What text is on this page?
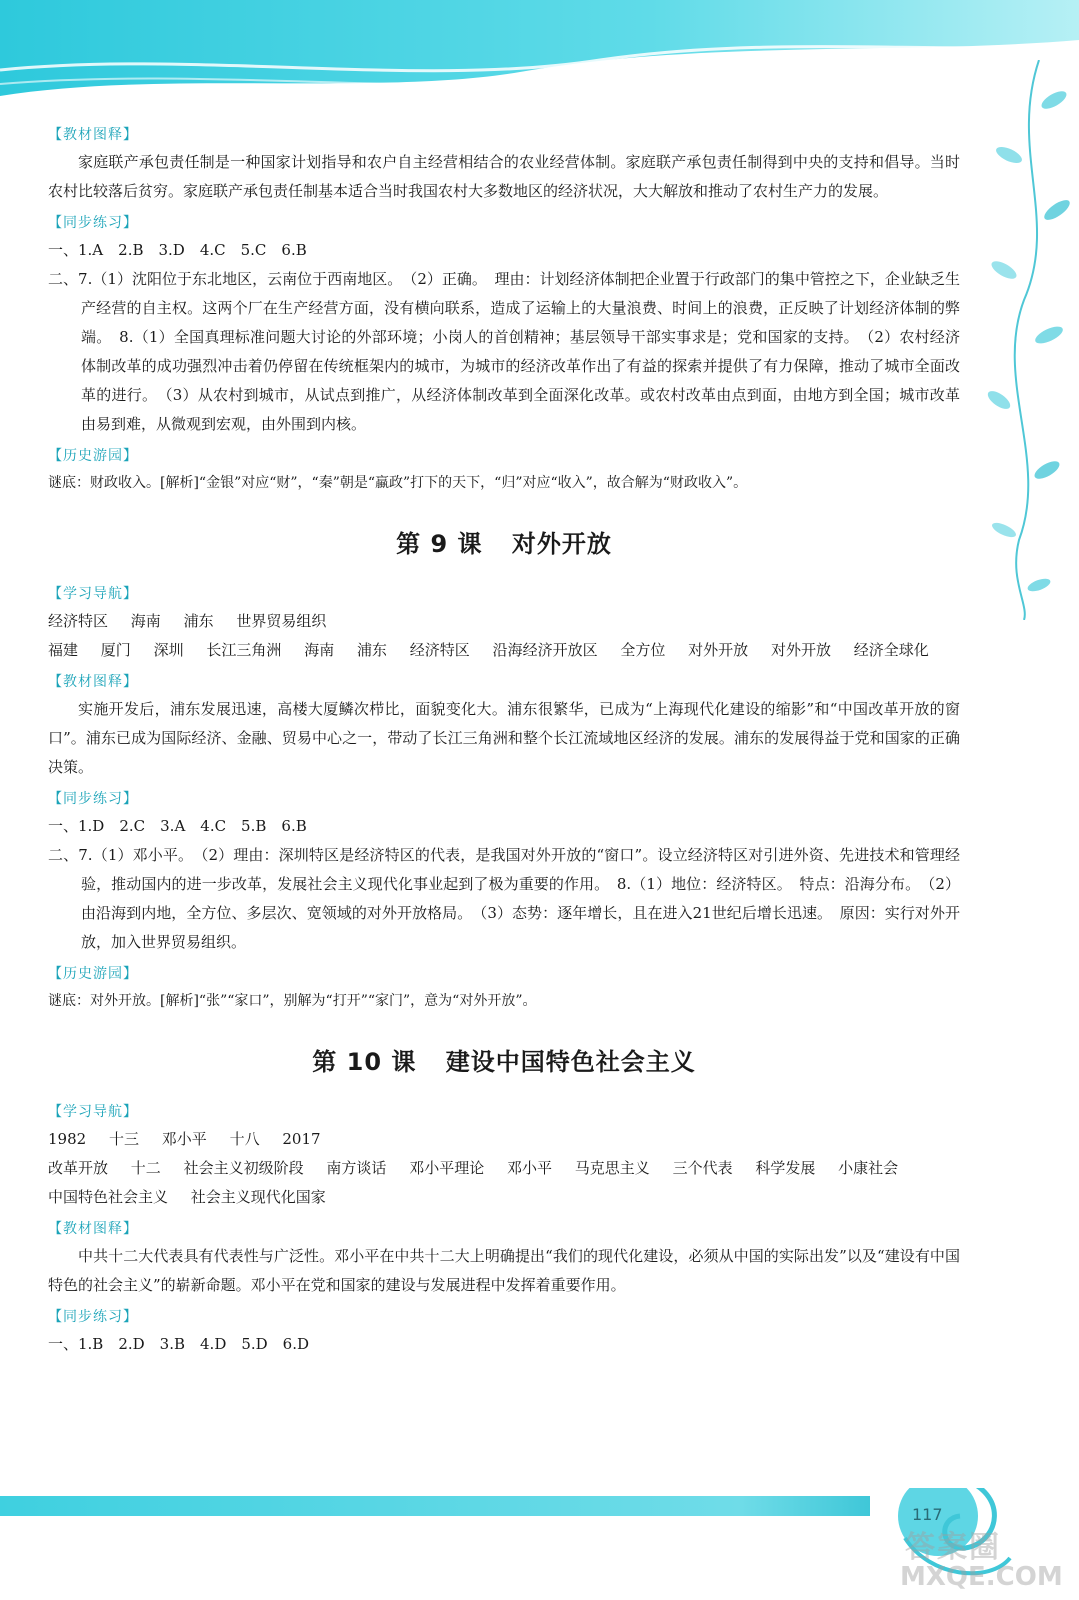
【教材图释】

家庭联产承包责任制是一种国家计划指导和农户自主经营相结合的农业经营体制。家庭联产承包责任制得到中央的支持和倡导。当时农村比较落后贫穷。家庭联产承包责任制基本适合当时我国农村大多数地区的经济状况，大大解放和推动了农村生产力的发展。

【同步练习】

一、1.A　2.B　3.D　4.C　5.C　6.B

二、7.（1）沈阳位于东北地区，云南位于西南地区。　（2）正确。　理由：计划经济体制把企业置于行政部门的集中管控之下，企业缺乏生产经营的自主权。这两个厂在生产经营方面，没有横向联系，造成了运输上的大量浪费、时间上的浪费，正反映了计划经济体制的弊端。　8.（1）全国真理标准问题大讨论的外部环境；小岗人的首创精神；基层领导干部实事求是；党和国家的支持。　（2）农村经济体制改革的成功强烈冲击着仍停留在传统框架内的城市，为城市的经济改革作出了有益的探索并提供了有力保障，推动了城市全面改革的进行。　（3）从农村到城市，从试点到推广，从经济体制改革到全面深化改革。或农村改革由点到面，由地方到全国；城市改革由易到难，从微观到宏观，由外围到内核。

【历史游园】

谜底：财政收入。[解析]“金银”对应“财”，“秦”朝是“蠃政”打下的天下，“归”对应“收入”，故合解为“财政收入”。

第 9 课 对外开放
【学习导航】

经济特区 海南 浦东 世界贸易组织

福建 厦门 深圳 长江三角洲 海南 浦东 经济特区 沿海经济开放区 全方位 对外开放 对外开放 经济全球化

【教材图释】

实施开发后，浦东发展迅速，高楼大厦鳞次栉比，面貌变化大。浦东很繁华，已成为“上海现代化建设的缩影”和“中国改革开放的窗口”。浦东已成为国际经济、金融、贸易中心之一，带动了长江三角洲和整个长江流域地区经济的发展。浦东的发展得益于党和国家的正确决策。

【同步练习】

一、1.D　2.C　3.A　4.C　5.B　6.B

二、7.（1）邓小平。　（2）理由：深圳特区是经济特区的代表，是我国对外开放的“窗口”。设立经济特区对引进外资、先进技术和管理经验，推动国内的进一步改革，发展社会主义现代化事业起到了极为重要的作用。　8.（1）地位：经济特区。　特点：沿海分布。　（2）由沿海到内地，全方位、多层次、宽领域的对外开放格局。　（3）态势：逐年增长，且在进入21世纪后增长迅速。　原因：实行对外开放，加入世界贸易组织。

【历史游园】

谜底：对外开放。[解析]“张”“家口”，别解为“打开”“家门”，意为“对外开放”。

第 10 课 建设中国特色社会主义
【学习导航】

1982 十三 邓小平 十八 2017

改革开放 十二 社会主义初级阶段 南方谈话 邓小平理论 邓小平 马克思主义 三个代表 科学发展 小康社会

中国特色社会主义 社会主义现代化国家

【教材图释】

中共十二大代表具有代表性与广泛性。邓小平在中共十二大上明确提出“我们的现代化建设，必须从中国的实际出发”以及“建设有中国特色的社会主义”的崭新命题。邓小平在党和国家的建设与发展进程中发挥着重要作用。

【同步练习】

一、1.B　2.D　3.B　4.D　5.D　6.D

117
答案圈
MXQE.COM
